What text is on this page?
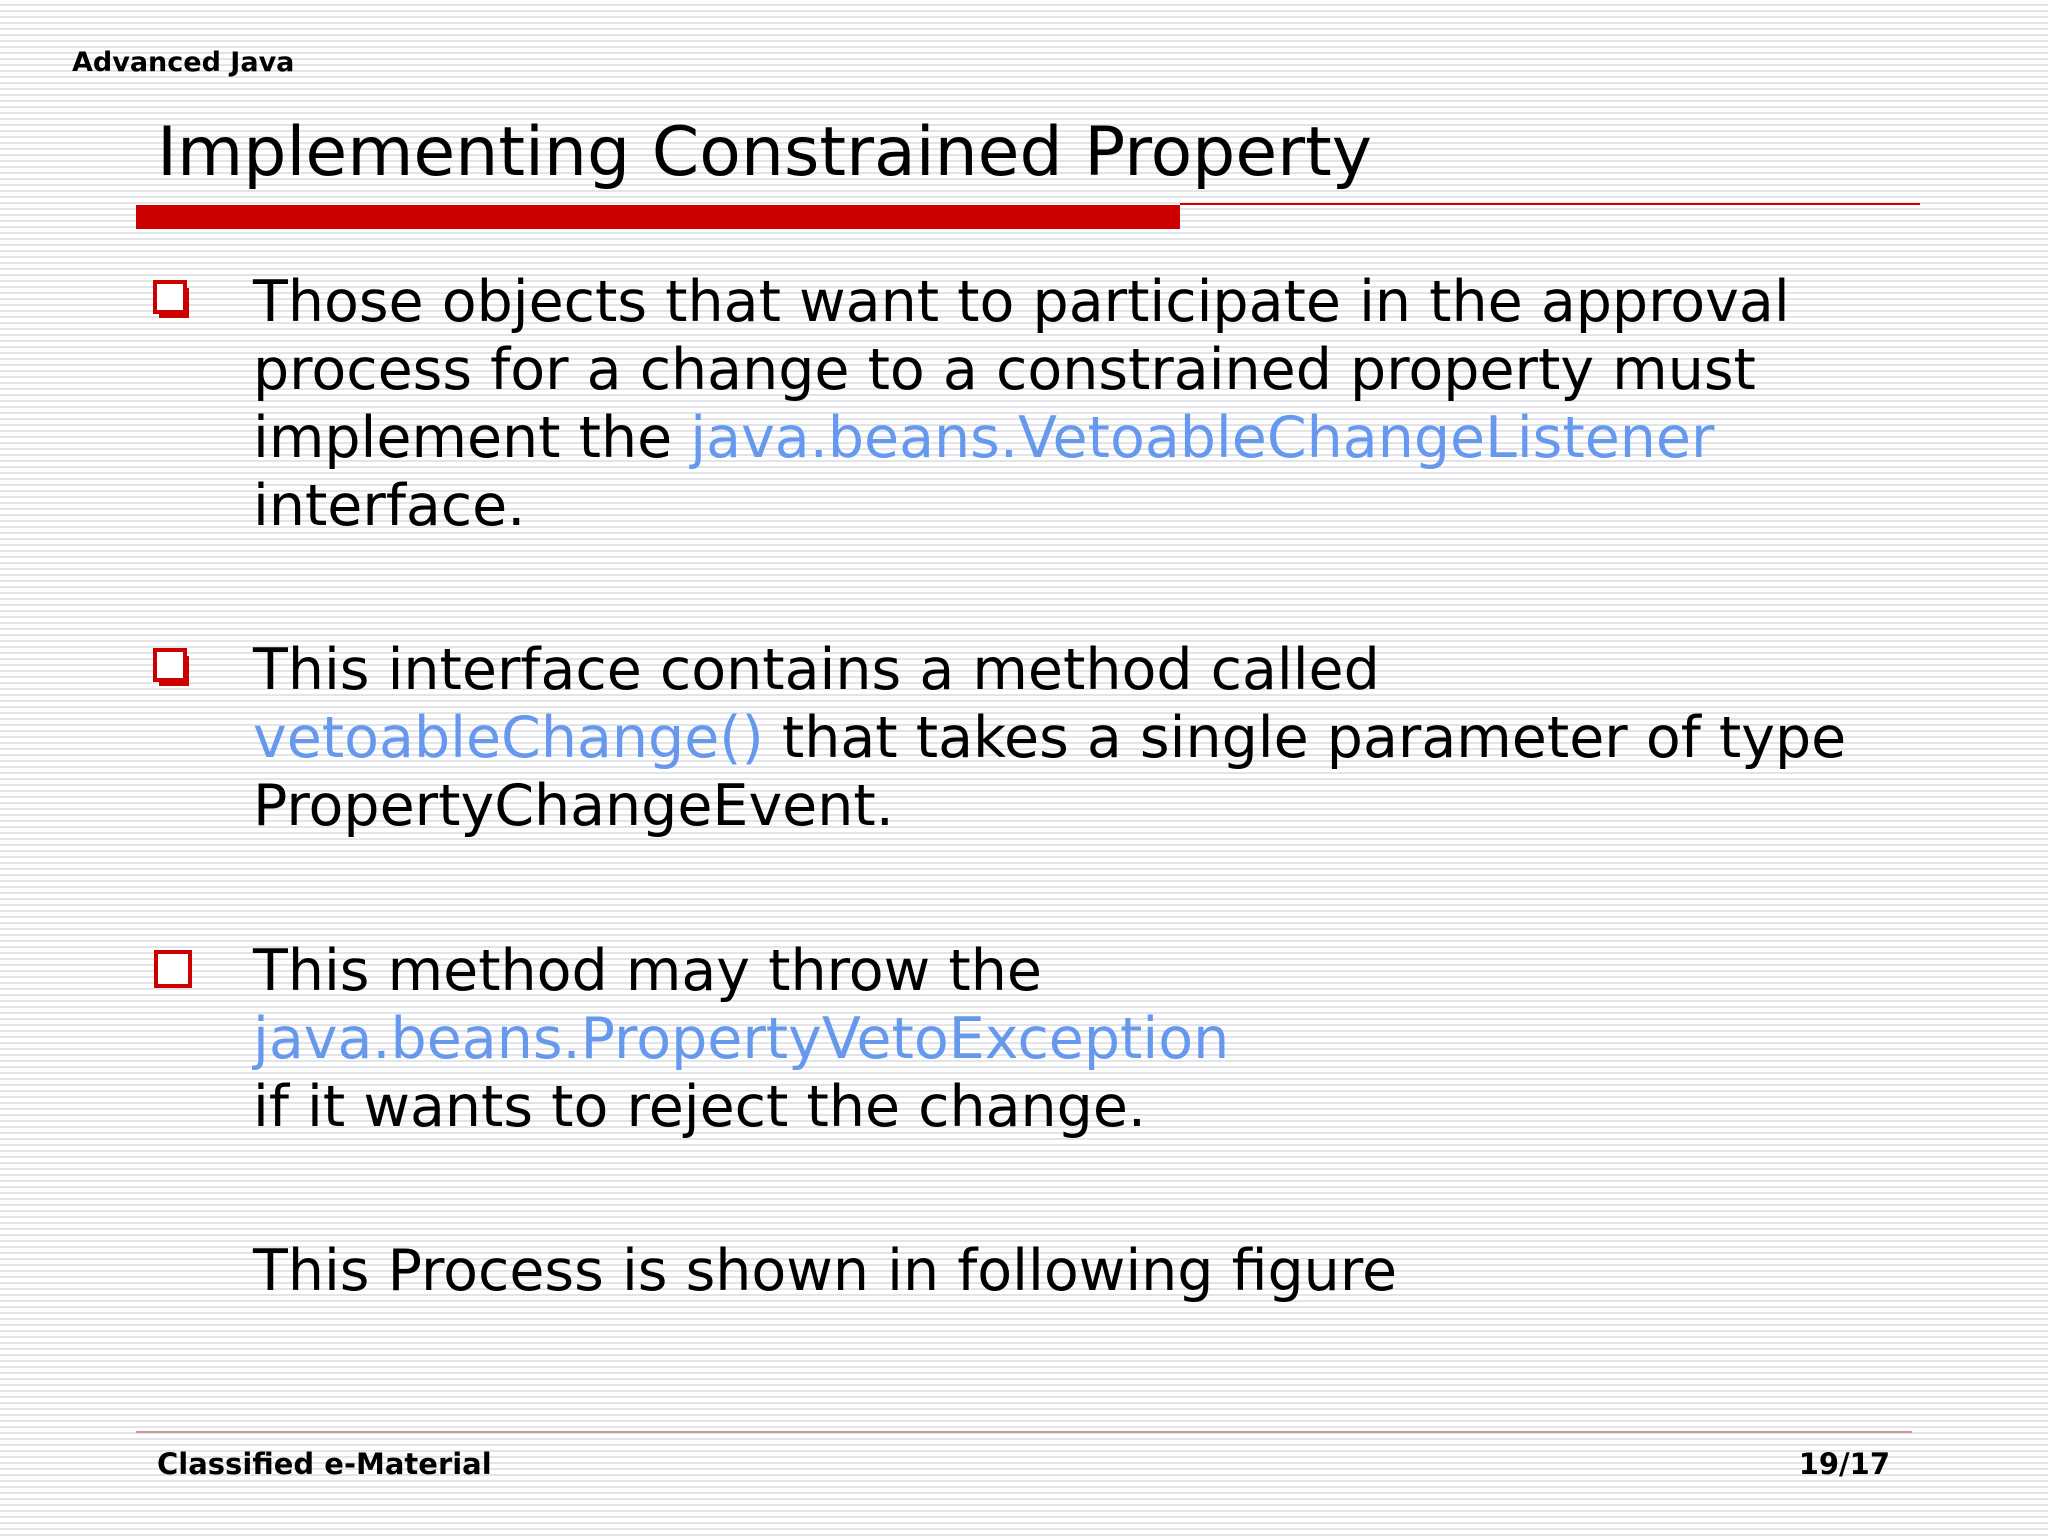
Advanced Java
Implementing Constrained Property
Those objects that want to participate in the approval process for a change to a constrained property must implement the java.beans.VetoableChangeListener
interface.
This interface contains a method called
vetoableChange() that takes a single parameter of type PropertyChangeEvent.
This method may throw the
java.beans.PropertyVetoException
if it wants to reject the change.
This Process is shown in following figure
Classified e-Material	19/17
